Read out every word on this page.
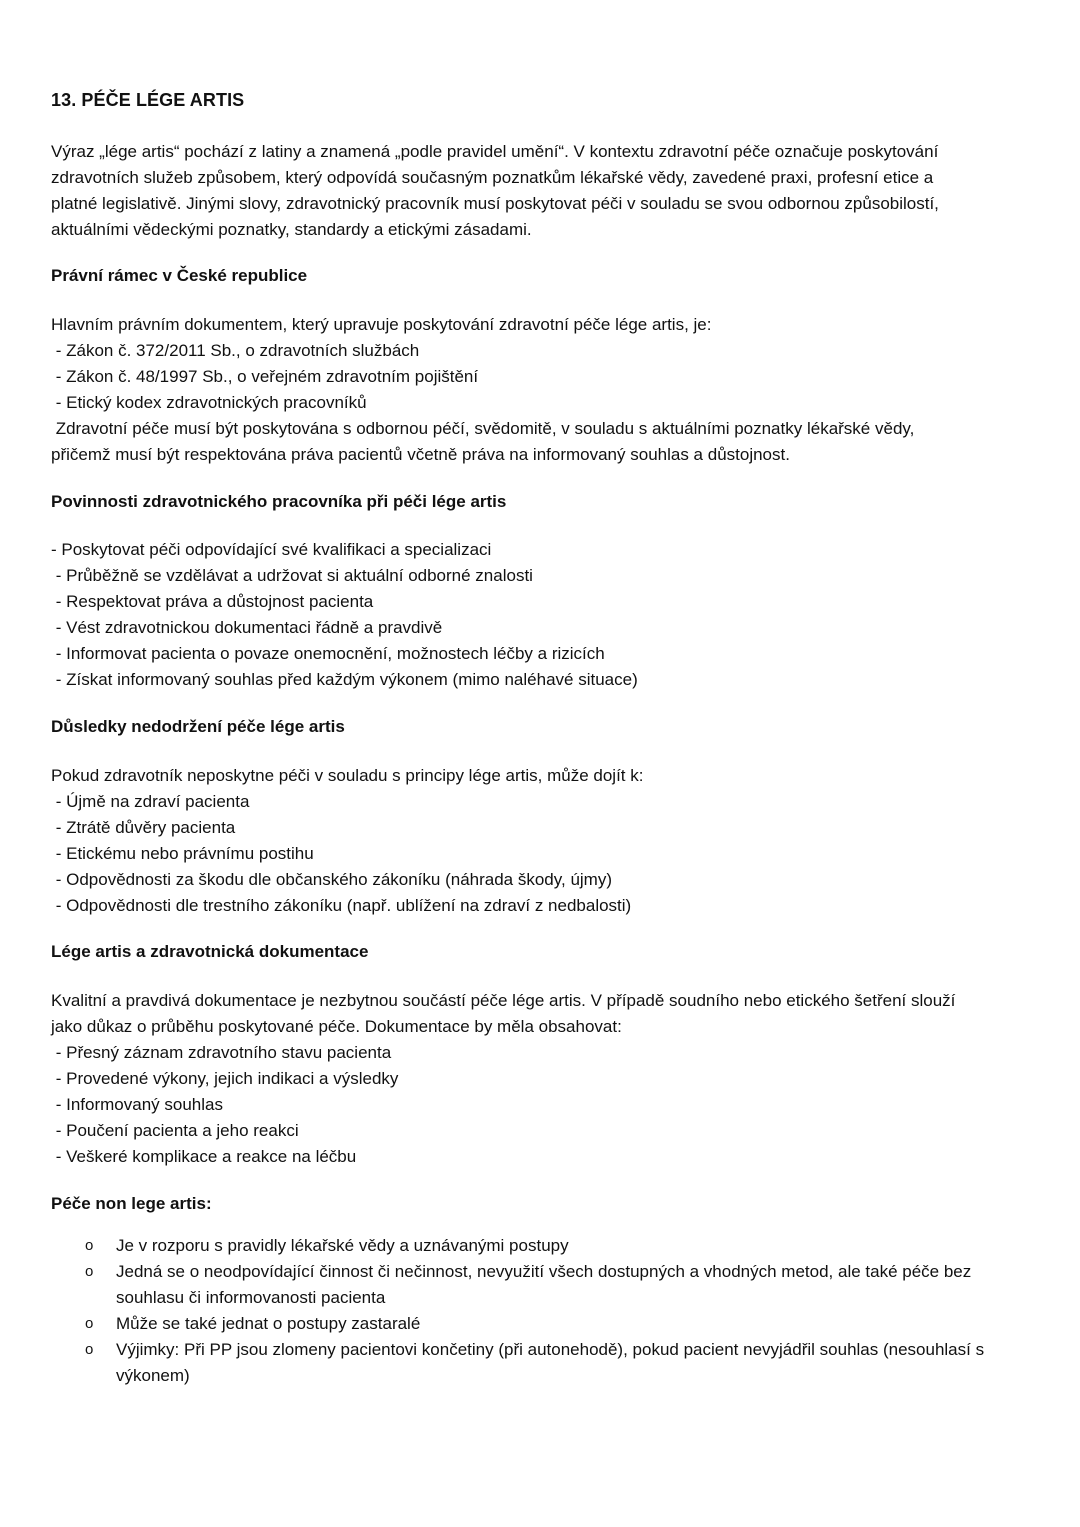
13. PÉČE LÉGE ARTIS
Výraz „lége artis“ pochází z latiny a znamená „podle pravidel umění“. V kontextu zdravotní péče označuje poskytování
zdravotních služeb způsobem, který odpovídá současným poznatkům lékařské vědy, zavedené praxi, profesní etice a
platné legislativě. Jinými slovy, zdravotnický pracovník musí poskytovat péči v souladu se svou odbornou způsobilostí,
aktuálními vědeckými poznatky, standardy a etickými zásadami.
Právní rámec v České republice
Hlavním právním dokumentem, který upravuje poskytování zdravotní péče lége artis, je:
- Zákon č. 372/2011 Sb., o zdravotních službách
- Zákon č. 48/1997 Sb., o veřejném zdravotním pojištění
- Etický kodex zdravotnických pracovníků
Zdravotní péče musí být poskytována s odbornou péčí, svědomitě, v souladu s aktuálními poznatky lékařské vědy,
přičemž musí být respektována práva pacientů včetně práva na informovaný souhlas a důstojnost.
Povinnosti zdravotnického pracovníka při péči lége artis
- Poskytovat péči odpovídající své kvalifikaci a specializaci
- Průběžně se vzdělávat a udržovat si aktuální odborné znalosti
- Respektovat práva a důstojnost pacienta
- Vést zdravotnickou dokumentaci řádně a pravdivě
- Informovat pacienta o povaze onemocnění, možnostech léčby a rizicích
- Získat informovaný souhlas před každým výkonem (mimo naléhavé situace)
Důsledky nedodržení péče lége artis
Pokud zdravotník neposkytne péči v souladu s principy lége artis, může dojít k:
- Újmě na zdraví pacienta
- Ztrátě důvěry pacienta
- Etickému nebo právnímu postihu
- Odpovědnosti za škodu dle občanského zákoníku (náhrada škody, újmy)
- Odpovědnosti dle trestního zákoníku (např. ublížení na zdraví z nedbalosti)
Lége artis a zdravotnická dokumentace
Kvalitní a pravdivá dokumentace je nezbytnou součástí péče lége artis. V případě soudního nebo etického šetření slouží
jako důkaz o průběhu poskytované péče. Dokumentace by měla obsahovat:
- Přesný záznam zdravotního stavu pacienta
- Provedené výkony, jejich indikaci a výsledky
- Informovaný souhlas
- Poučení pacienta a jeho reakci
- Veškeré komplikace a reakce na léčbu
Péče non lege artis:
o Je v rozporu s pravidly lékařské vědy a uznávanými postupy
o Jedná se o neodpovídající činnost či nečinnost, nevyužití všech dostupných a vhodných metod, ale také péče bez souhlasu či informovanosti pacienta
o Může se také jednat o postupy zastaralé
o Výjimky: Při PP jsou zlomeny pacientovi končetiny (při autonehodě), pokud pacient nevyjádřil souhlas (nesouhlasí s výkonem)
